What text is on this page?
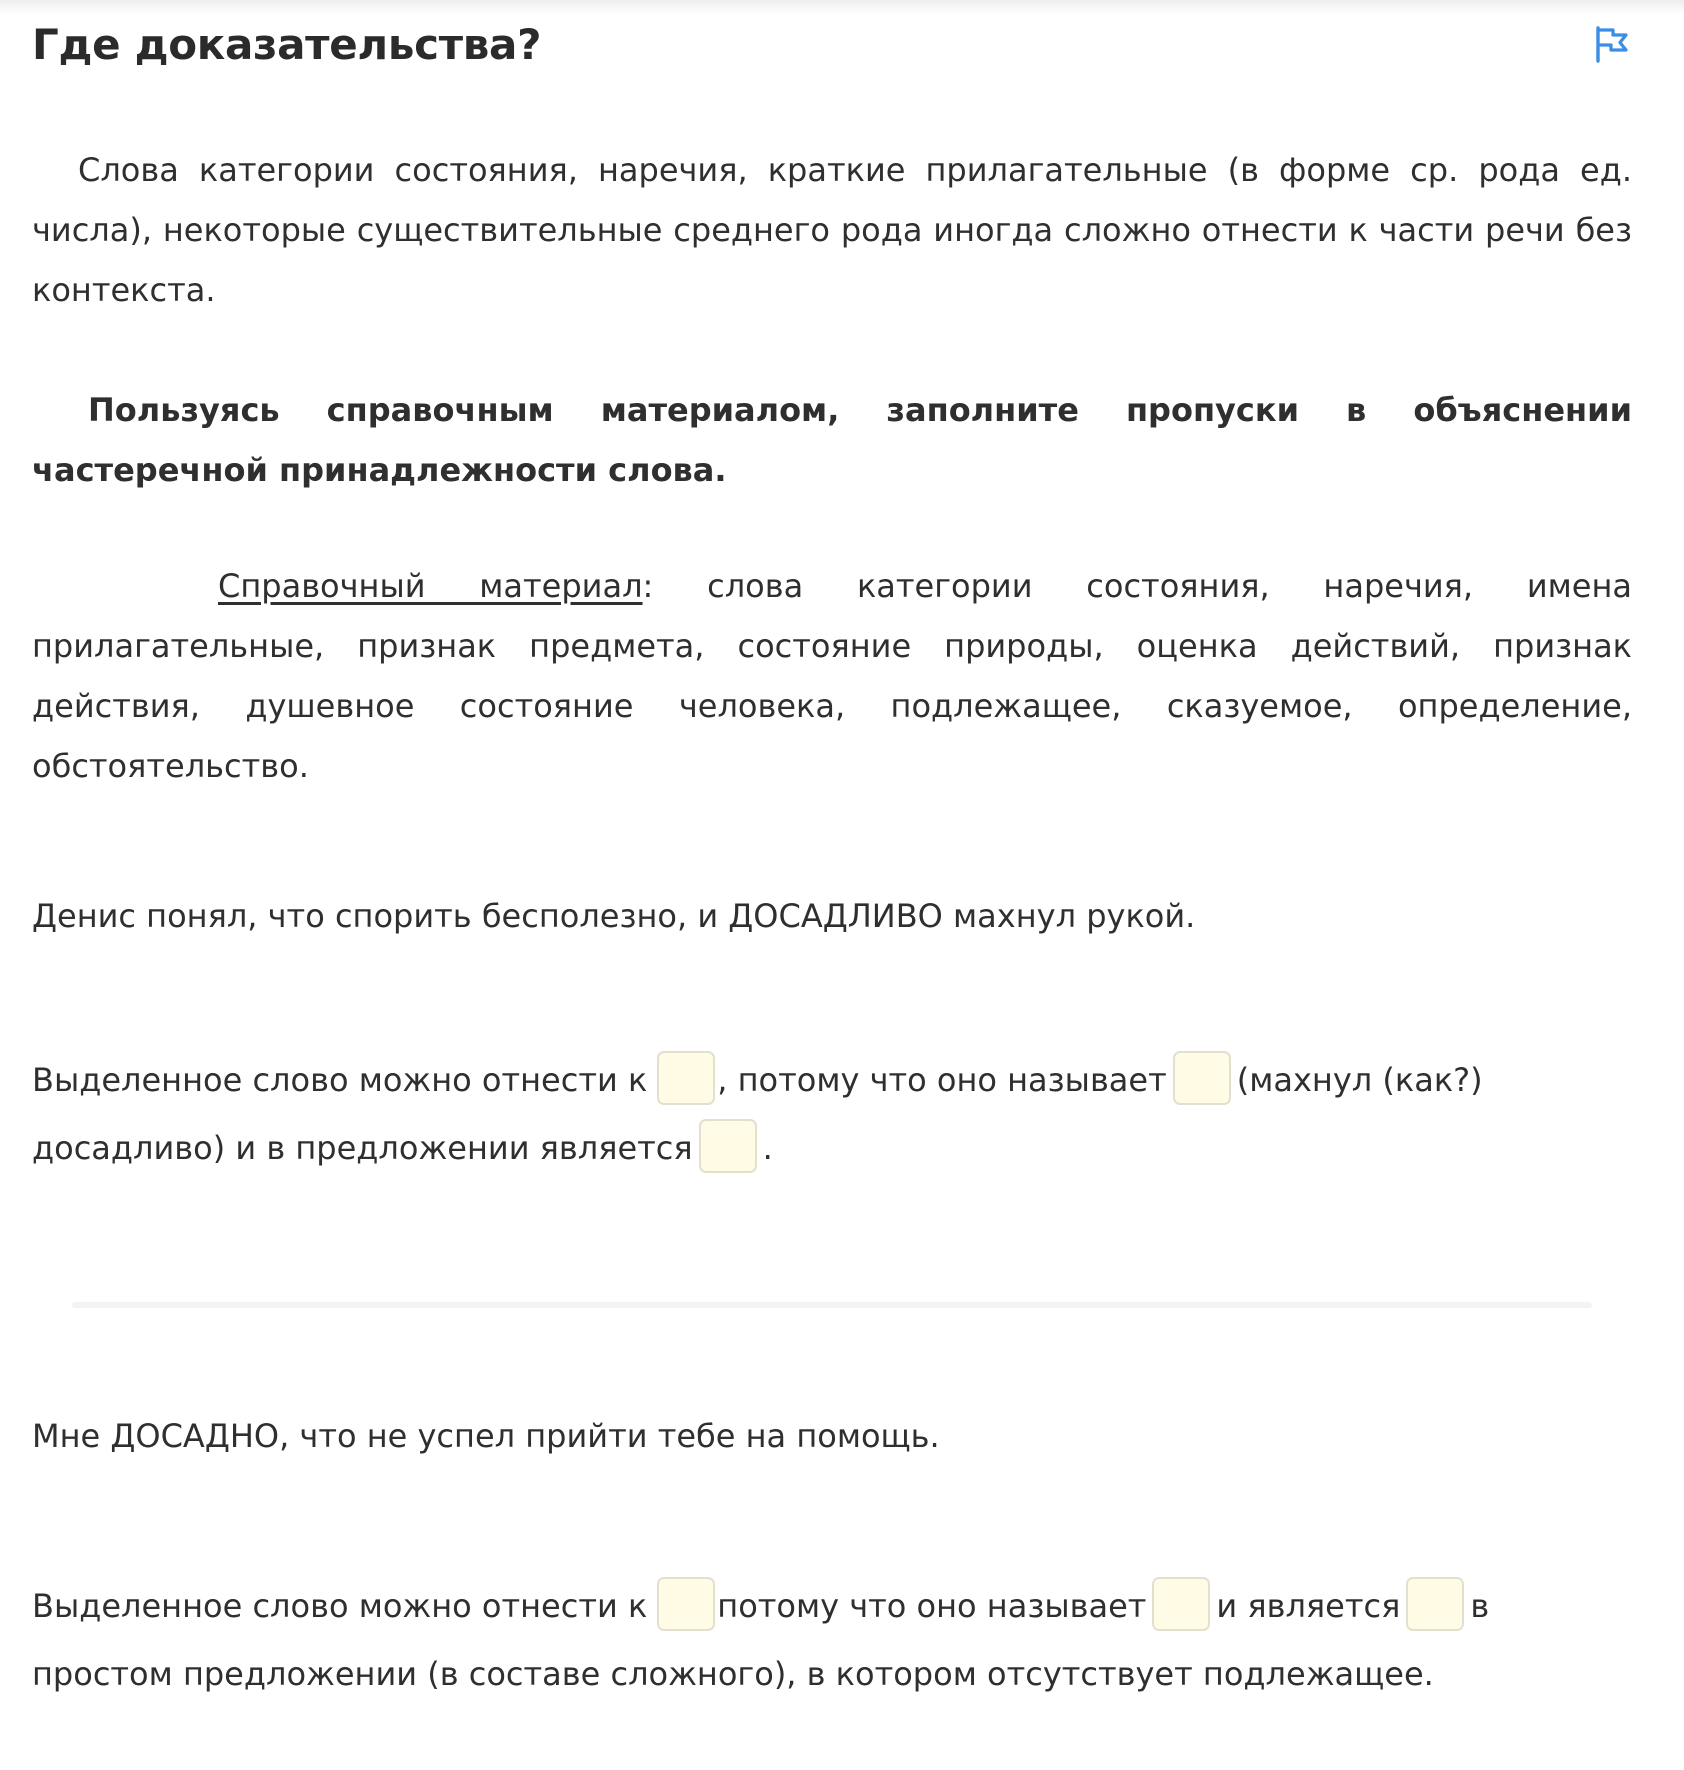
Где доказательства?

Слова категории состояния, наречия, краткие прилагательные (в форме ср. рода ед. числа), некоторые существительные среднего рода иногда сложно отнести к части речи без контекста.

Пользуясь справочным материалом, заполните пропуски в объяснении частеречной принадлежности слова.

Справочный материал: слова категории состояния, наречия, имена прилагательные, признак предмета, состояние природы, оценка действий, признак действия, душевное состояние человека, подлежащее, сказуемое, определение, обстоятельство.

Денис понял, что спорить бесполезно, и ДОСАДЛИВО махнул рукой.

Выделенное слово можно отнести к , потому что оно называет (махнул (как?) досадливо) и в предложении является .

Мне ДОСАДНО, что не успел прийти тебе на помощь.

Выделенное слово можно отнести к потому что оно называет и является в простом предложении (в составе сложного), в котором отсутствует подлежащее.
